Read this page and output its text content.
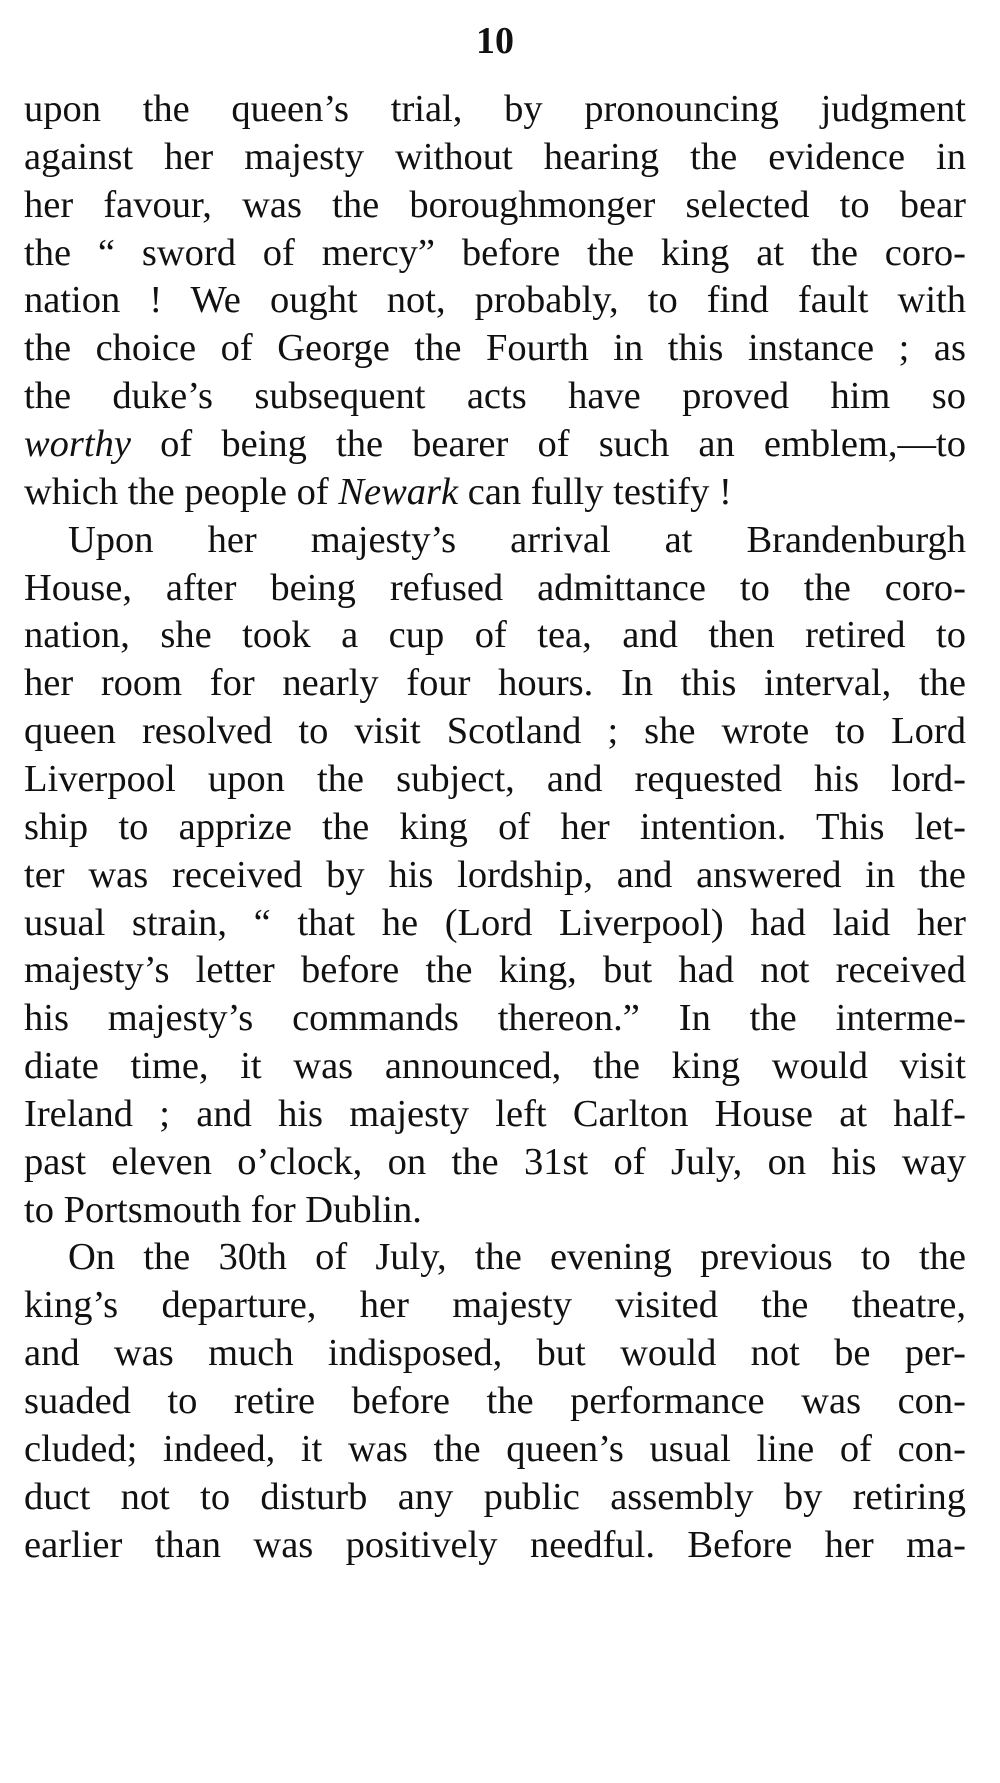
10
upon the queen’s trial, by pronouncing judgment
against her majesty without hearing the evidence in
her favour, was the boroughmonger selected to bear
the “ sword of mercy” before the king at the coro-
nation ! We ought not, probably, to find fault with
the choice of George the Fourth in this instance ; as
the duke’s subsequent acts have proved him so
worthy of being the bearer of such an emblem,—to
which the people of Newark can fully testify !
Upon her majesty’s arrival at Brandenburgh
House, after being refused admittance to the coro-
nation, she took a cup of tea, and then retired to
her room for nearly four hours. In this interval, the
queen resolved to visit Scotland ; she wrote to Lord
Liverpool upon the subject, and requested his lord-
ship to apprize the king of her intention. This let-
ter was received by his lordship, and answered in the
usual strain, “ that he (Lord Liverpool) had laid her
majesty’s letter before the king, but had not received
his majesty’s commands thereon.” In the interme-
diate time, it was announced, the king would visit
Ireland ; and his majesty left Carlton House at half-
past eleven o’clock, on the 31st of July, on his way
to Portsmouth for Dublin.
On the 30th of July, the evening previous to the
king’s departure, her majesty visited the theatre,
and was much indisposed, but would not be per-
suaded to retire before the performance was con-
cluded; indeed, it was the queen’s usual line of con-
duct not to disturb any public assembly by retiring
earlier than was positively needful. Before her ma-
